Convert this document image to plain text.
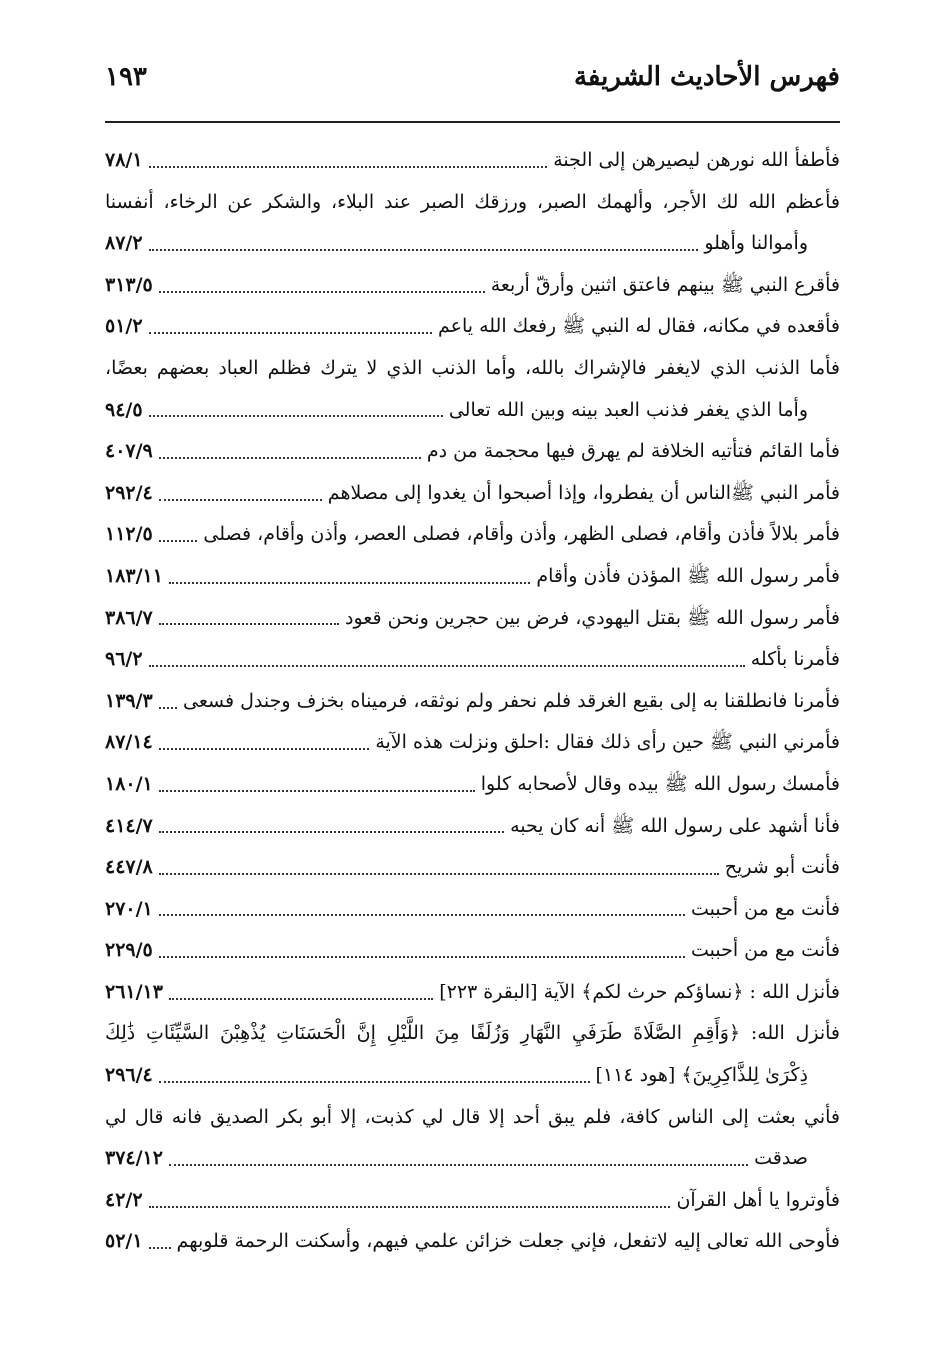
فهرس الأحاديث الشريفة
١٩٣
فأطفأ الله نورهن ليصيرهن إلى الجنة
٧٨/١
فأعظم الله لك الأجر، وألهمك الصبر، ورزقك الصبر عند البلاء، والشكر عن الرخاء، أنفسنا
وأموالنا وأهلو
٨٧/٢
فأقرع النبي ﷺ بينهم فاعتق اثنين وأرقّ أربعة
٣١٣/٥
فأقعده في مكانه، فقال له النبي ﷺ رفعك الله ياعم
٥١/٢
فأما الذنب الذي لايغفر فالإشراك بالله، وأما الذنب الذي لا يترك فظلم العباد بعضهم بعضًا،
وأما الذي يغفر فذنب العبد بينه وبين الله تعالى
٩٤/٥
فأما القائم فتأتيه الخلافة لم يهرق فيها محجمة من دم
٤٠٧/٩
فأمر النبي ﷺالناس أن يفطروا، وإذا أصبحوا أن يغدوا إلى مصلاهم
٢٩٢/٤
فأمر بلالاً فأذن وأقام، فصلى الظهر، وأذن وأقام، فصلى العصر، وأذن وأقام، فصلى
١١٢/٥
فأمر رسول الله ﷺ المؤذن فأذن وأقام
١٨٣/١١
فأمر رسول الله ﷺ بقتل اليهودي، فرض بين حجرين ونحن قعود
٣٨٦/٧
فأمرنا بأكله
٩٦/٢
فأمرنا فانطلقنا به إلى بقيع الغرقد فلم نحفر ولم نوثقه، فرميناه بخزف وجندل فسعى
١٣٩/٣
فأمرني النبي ﷺ حين رأى ذلك فقال :احلق ونزلت هذه الآية
٨٧/١٤
فأمسك رسول الله ﷺ بيده وقال لأصحابه كلوا
١٨٠/١
فأنا أشهد على رسول الله ﷺ أنه كان يحبه
٤١٤/٧
فأنت أبو شريح
٤٤٧/٨
فأنت مع من أحببت
٢٧٠/١
فأنت مع من أحببت
٢٢٩/٥
فأنزل الله : ﴿نساؤكم حرث لكم﴾ الآية [البقرة ٢٢٣]
٢٦١/١٣
فأنزل الله: ﴿وَأَقِمِ الصَّلَاةَ طَرَفَيِ النَّهَارِ وَزُلَفًا مِنَ اللَّيْلِ إِنَّ الْحَسَنَاتِ يُذْهِبْنَ السَّيِّئَاتِ ذَٰلِكَ
ذِكْرَىٰ لِلذَّاكِرِينَ﴾ [هود ١١٤]
٢٩٦/٤
فأني بعثت إلى الناس كافة، فلم يبق أحد إلا قال لي كذبت، إلا أبو بكر الصديق فانه قال لي
صدقت
٣٧٤/١٢
فأوتروا يا أهل القرآن
٤٢/٢
فأوحى الله تعالى إليه لاتفعل، فإني جعلت خزائن علمي فيهم، وأسكنت الرحمة قلوبهم
٥٢/١
